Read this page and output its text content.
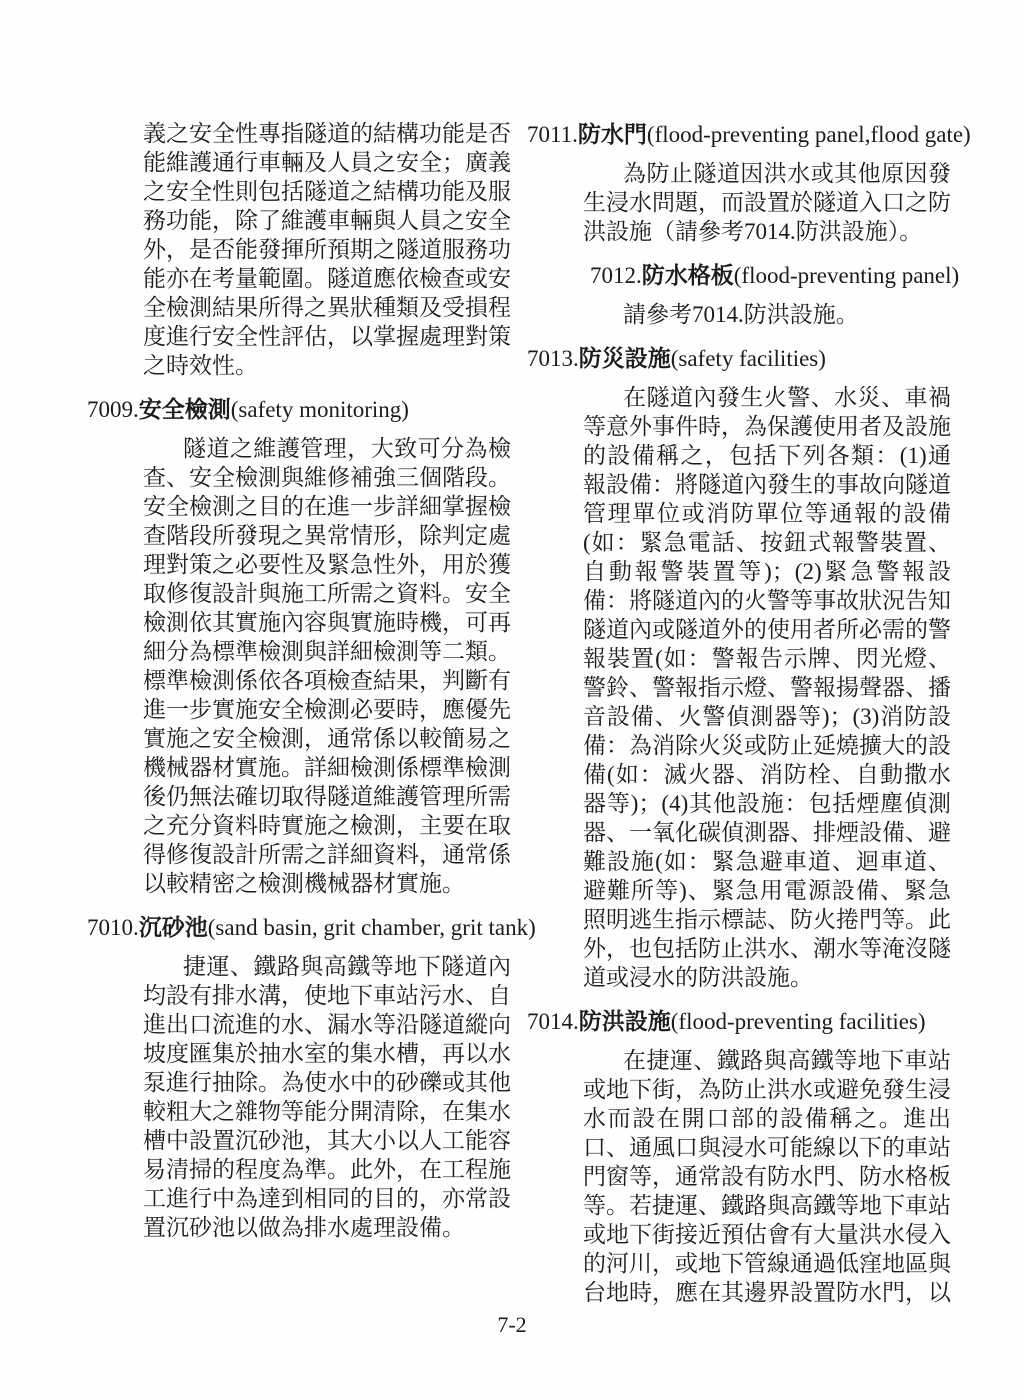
義之安全性專指隧道的結構功能是否能維護通行車輛及人員之安全；廣義之安全性則包括隧道之結構功能及服務功能，除了維護車輛與人員之安全外，是否能發揮所預期之隧道服務功能亦在考量範圍。隧道應依檢查或安全檢測結果所得之異狀種類及受損程度進行安全性評估，以掌握處理對策之時效性。

7009.安全檢測(safety monitoring)

隧道之維護管理，大致可分為檢查、安全檢測與維修補強三個階段。安全檢測之目的在進一步詳細掌握檢查階段所發現之異常情形，除判定處理對策之必要性及緊急性外，用於獲取修復設計與施工所需之資料。安全檢測依其實施內容與實施時機，可再細分為標準檢測與詳細檢測等二類。標準檢測係依各項檢查結果，判斷有進一步實施安全檢測必要時，應優先實施之安全檢測，通常係以較簡易之機械器材實施。詳細檢測係標準檢測後仍無法確切取得隧道維護管理所需之充分資料時實施之檢測，主要在取得修復設計所需之詳細資料，通常係以較精密之檢測機械器材實施。

7010.沉砂池(sand basin, grit chamber, grit tank)

捷運、鐵路與高鐵等地下隧道內均設有排水溝，使地下車站污水、自進出口流進的水、漏水等沿隧道縱向坡度匯集於抽水室的集水槽，再以水泵進行抽除。為使水中的砂礫或其他較粗大之雜物等能分開清除，在集水槽中設置沉砂池，其大小以人工能容易清掃的程度為準。此外，在工程施工進行中為達到相同的目的，亦常設置沉砂池以做為排水處理設備。

7011.防水門(flood-preventing panel,flood gate)

為防止隧道因洪水或其他原因發生浸水問題，而設置於隧道入口之防洪設施（請參考7014.防洪設施）。

7012.防水格板(flood-preventing panel)

請參考7014.防洪設施。

7013.防災設施(safety facilities)

在隧道內發生火警、水災、車禍等意外事件時，為保護使用者及設施的設備稱之，包括下列各類：(1)通報設備：將隧道內發生的事故向隧道管理單位或消防單位等通報的設備(如：緊急電話、按鈕式報警裝置、自動報警裝置等)；(2)緊急警報設備：將隧道內的火警等事故狀況告知隧道內或隧道外的使用者所必需的警報裝置(如：警報告示牌、閃光燈、警鈴、警報指示燈、警報揚聲器、播音設備、火警偵測器等)；(3)消防設備：為消除火災或防止延燒擴大的設備(如：滅火器、消防栓、自動撒水器等)；(4)其他設施：包括煙塵偵測器、一氧化碳偵測器、排煙設備、避難設施(如：緊急避車道、迴車道、避難所等)、緊急用電源設備、緊急照明逃生指示標誌、防火捲門等。此外，也包括防止洪水、潮水等淹沒隧道或浸水的防洪設施。

7014.防洪設施(flood-preventing facilities)

在捷運、鐵路與高鐵等地下車站或地下街，為防止洪水或避免發生浸水而設在開口部的設備稱之。進出口、通風口與浸水可能線以下的車站門窗等，通常設有防水門、防水格板等。若捷運、鐵路與高鐵等地下車站或地下街接近預估會有大量洪水侵入的河川，或地下管線通過低窪地區與台地時，應在其邊界設置防水門，以

7-2
